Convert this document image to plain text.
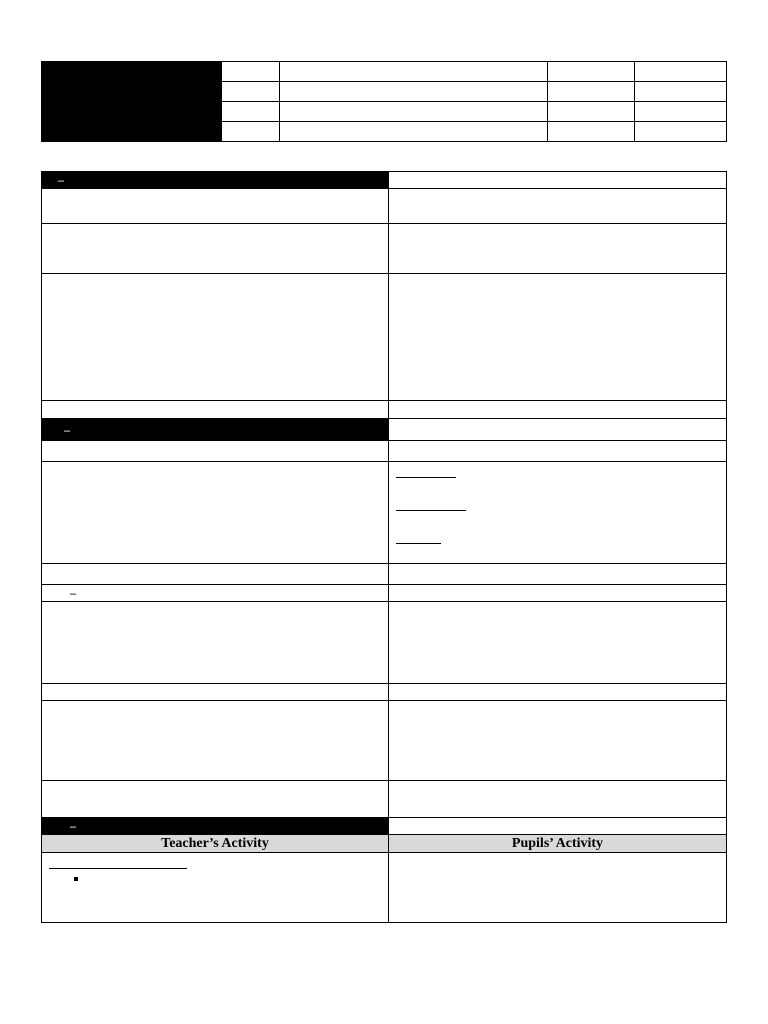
–
–
–
–
Teacher’s Activity	Pupils’ Activity
